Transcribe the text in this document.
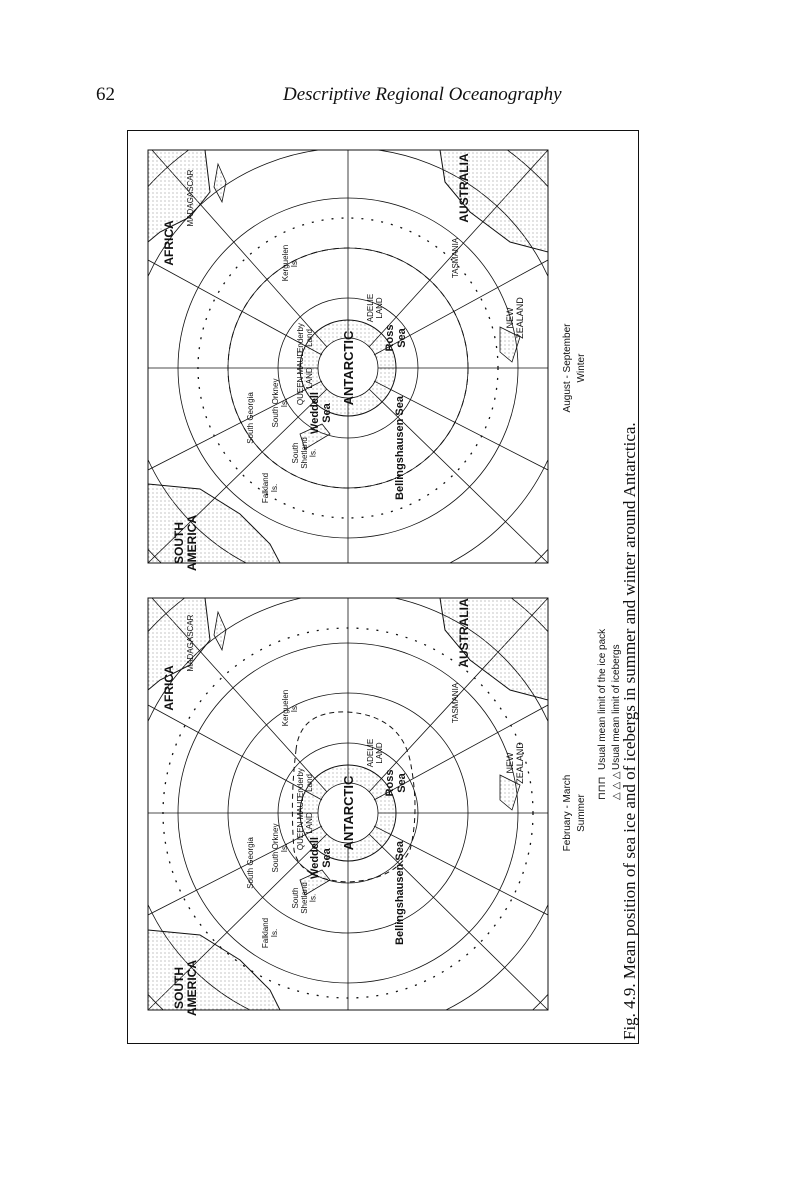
62	Descriptive Regional Oceanography
ANTARCTIC
WeddellSea
RossSea
Bellingshausen Sea
QUEEN MAUDLAND
EnderbyLand
ADELIELAND
South Georgia South OrkneyIs.
SouthShetlandIs.
FalklandIs.
KerguelenIs.
AFRICA
MADAGASCAR
SOUTHAMERICA
AUSTRALIA
TASMANIA
NEWZEALAND
ANTARCTIC
WeddellSea
RossSea
Bellingshausen Sea
QUEEN MAUDLAND
EnderbyLand
ADELIELAND
South Georgia South OrkneyIs.
SouthShetlandIs.
FalklandIs.
KerguelenIs.
AFRICA
MADAGASCAR
SOUTHAMERICA
AUSTRALIA
TASMANIA
NEWZEALAND
February - March Summer
August - September Winter
⊓⊓⊓
Usual mean limit of the ice pack
△ △ △
Usual mean limit of icebergs
Fig. 4.9. Mean position of sea ice and of icebergs in summer and winter around Antarctica.
